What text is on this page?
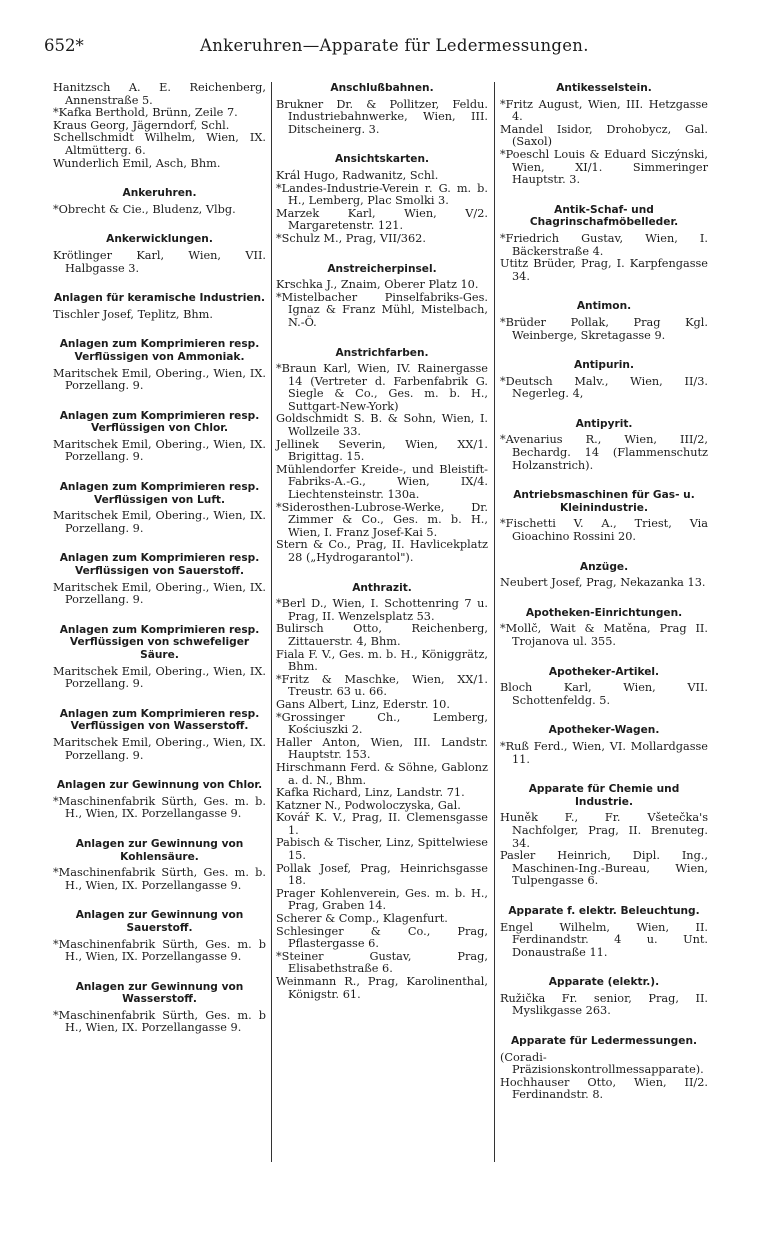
652*	Ankeruhren—Apparate für Ledermessungen.

Hanitzsch A. E. Reichenberg, Annenstraße 5.

*Kafka Berthold, Brünn, Zeile 7.

Kraus Georg, Jägerndorf, Schl.

Schellschmidt Wilhelm, Wien, IX. Altmütterg. 6.

Wunderlich Emil, Asch, Bhm.

Ankeruhren.

*Obrecht & Cie., Bludenz, Vlbg.

Ankerwicklungen.

Krötlinger Karl, Wien, VII. Halbgasse 3.

Anlagen für keramische Industrien.

Tischler Josef, Teplitz, Bhm.

Anlagen zum Komprimieren resp. Verflüssigen von Ammoniak.

Maritschek Emil, Obering., Wien, IX. Porzellang. 9.

Anlagen zum Komprimieren resp. Verflüssigen von Chlor.

Maritschek Emil, Obering., Wien, IX. Porzellang. 9.

Anlagen zum Komprimieren resp. Verflüssigen von Luft.

Maritschek Emil, Obering., Wien, IX. Porzellang. 9.

Anlagen zum Komprimieren resp. Verflüssigen von Sauerstoff.

Maritschek Emil, Obering., Wien, IX. Porzellang. 9.

Anlagen zum Komprimieren resp. Verflüssigen von schwefeliger Säure.

Maritschek Emil, Obering., Wien, IX. Porzellang. 9.

Anlagen zum Komprimieren resp. Verflüssigen von Wasserstoff.

Maritschek Emil, Obering., Wien, IX. Porzellang. 9.

Anlagen zur Gewinnung von Chlor.

*Maschinenfabrik Sürth, Ges. m. b. H., Wien, IX. Porzellangasse 9.

Anlagen zur Gewinnung von Kohlensäure.

*Maschinenfabrik Sürth, Ges. m. b. H., Wien, IX. Porzellangasse 9.

Anlagen zur Gewinnung von Sauerstoff.

*Maschinenfabrik Sürth, Ges. m. b H., Wien, IX. Porzellangasse 9.

Anlagen zur Gewinnung von Wasserstoff.

*Maschinenfabrik Sürth, Ges. m. b H., Wien, IX. Porzellangasse 9.

Anschlußbahnen.

Brukner Dr. & Pollitzer, Feldu. Industriebahnwerke, Wien, III. Ditscheinerg. 3.

Ansichtskarten.

Král Hugo, Radwanitz, Schl.

*Landes-Industrie-Verein r. G. m. b. H., Lemberg, Plac Smolki 3.

Marzek Karl, Wien, V/2. Margaretenstr. 121.

*Schulz M., Prag, VII/362.

Anstreicherpinsel.

Krschka J., Znaim, Oberer Platz 10.

*Mistelbacher Pinselfabriks-Ges. Ignaz & Franz Mühl, Mistelbach, N.-Ö.

Anstrichfarben.

*Braun Karl, Wien, IV. Rainergasse 14 (Vertreter d. Farbenfabrik G. Siegle & Co., Ges. m. b. H., Suttgart-New-York)

Goldschmidt S. B. & Sohn, Wien, I. Wollzeile 33.

Jellinek Severin, Wien, XX/1. Brigittag. 15.

Mühlendorfer Kreide-, und Bleistift-Fabriks-A.-G., Wien, IX/4. Liechtensteinstr. 130a.

*Siderosthen-Lubrose-Werke, Dr. Zimmer & Co., Ges. m. b. H., Wien, I. Franz Josef-Kai 5.

Stern & Co., Prag, II. Havlicekplatz 28 („Hydrogarantol").

Anthrazit.

*Berl D., Wien, I. Schottenring 7 u. Prag, II. Wenzelsplatz 53.

Bulirsch Otto, Reichenberg, Zittauerstr. 4, Bhm.

Fiala F. V., Ges. m. b. H., Königgrätz, Bhm.

*Fritz & Maschke, Wien, XX/1. Treustr. 63 u. 66.

Gans Albert, Linz, Ederstr. 10.

*Grossinger Ch., Lemberg, Kościuszki 2.

Haller Anton, Wien, III. Landstr. Hauptstr. 153.

Hirschmann Ferd. & Söhne, Gablonz a. d. N., Bhm.

Kafka Richard, Linz, Landstr. 71.

Katzner N., Podwoloczyska, Gal.

Kovář K. V., Prag, II. Clemensgasse 1.

Pabisch & Tischer, Linz, Spittelwiese 15.

Pollak Josef, Prag, Heinrichsgasse 18.

Prager Kohlenverein, Ges. m. b. H., Prag, Graben 14.

Scherer & Comp., Klagenfurt.

Schlesinger & Co., Prag, Pflastergasse 6.

*Steiner Gustav, Prag, Elisabethstraße 6.

Weinmann R., Prag, Karolinenthal, Königstr. 61.

Antikesselstein.

*Fritz August, Wien, III. Hetzgasse 4.

Mandel Isidor, Drohobycz, Gal. (Saxol)

*Poeschl Louis & Eduard Siczýnski, Wien, XI/1. Simmeringer Hauptstr. 3.

Antik-Schaf- und Chagrinschafmöbelleder.

*Friedrich Gustav, Wien, I. Bäckerstraße 4.

Utitz Brüder, Prag, I. Karpfengasse 34.

Antimon.

*Brüder Pollak, Prag Kgl. Weinberge, Skretagasse 9.

Antipurin.

*Deutsch Malv., Wien, II/3. Negerleg. 4,

Antipyrit.

*Avenarius R., Wien, III/2, Bechardg. 14 (Flammenschutz Holzanstrich).

Antriebsmaschinen für Gas- u. Kleinindustrie.

*Fischetti V. A., Triest, Via Gioachino Rossini 20.

Anzüge.

Neubert Josef, Prag, Nekazanka 13.

Apotheken-Einrichtungen.

*Mollč, Wait & Matěna, Prag II. Trojanova ul. 355.

Apotheker-Artikel.

Bloch Karl, Wien, VII. Schottenfeldg. 5.

Apotheker-Wagen.

*Ruß Ferd., Wien, VI. Mollardgasse 11.

Apparate für Chemie und Industrie.

Huněk F., Fr. Všetečka's Nachfolger, Prag, II. Brenuteg. 34.

Pasler Heinrich, Dipl. Ing., Maschinen-Ing.-Bureau, Wien, Tulpengasse 6.

Apparate f. elektr. Beleuchtung.

Engel Wilhelm, Wien, II. Ferdinandstr. 4 u. Unt. Donaustraße 11.

Apparate (elektr.).

Ružička Fr. senior, Prag, II. Myslikgasse 263.

Apparate für Ledermessungen.

(Coradi-Präzisionskontrollmessapparate).

Hochhauser Otto, Wien, II/2. Ferdinandstr. 8.
